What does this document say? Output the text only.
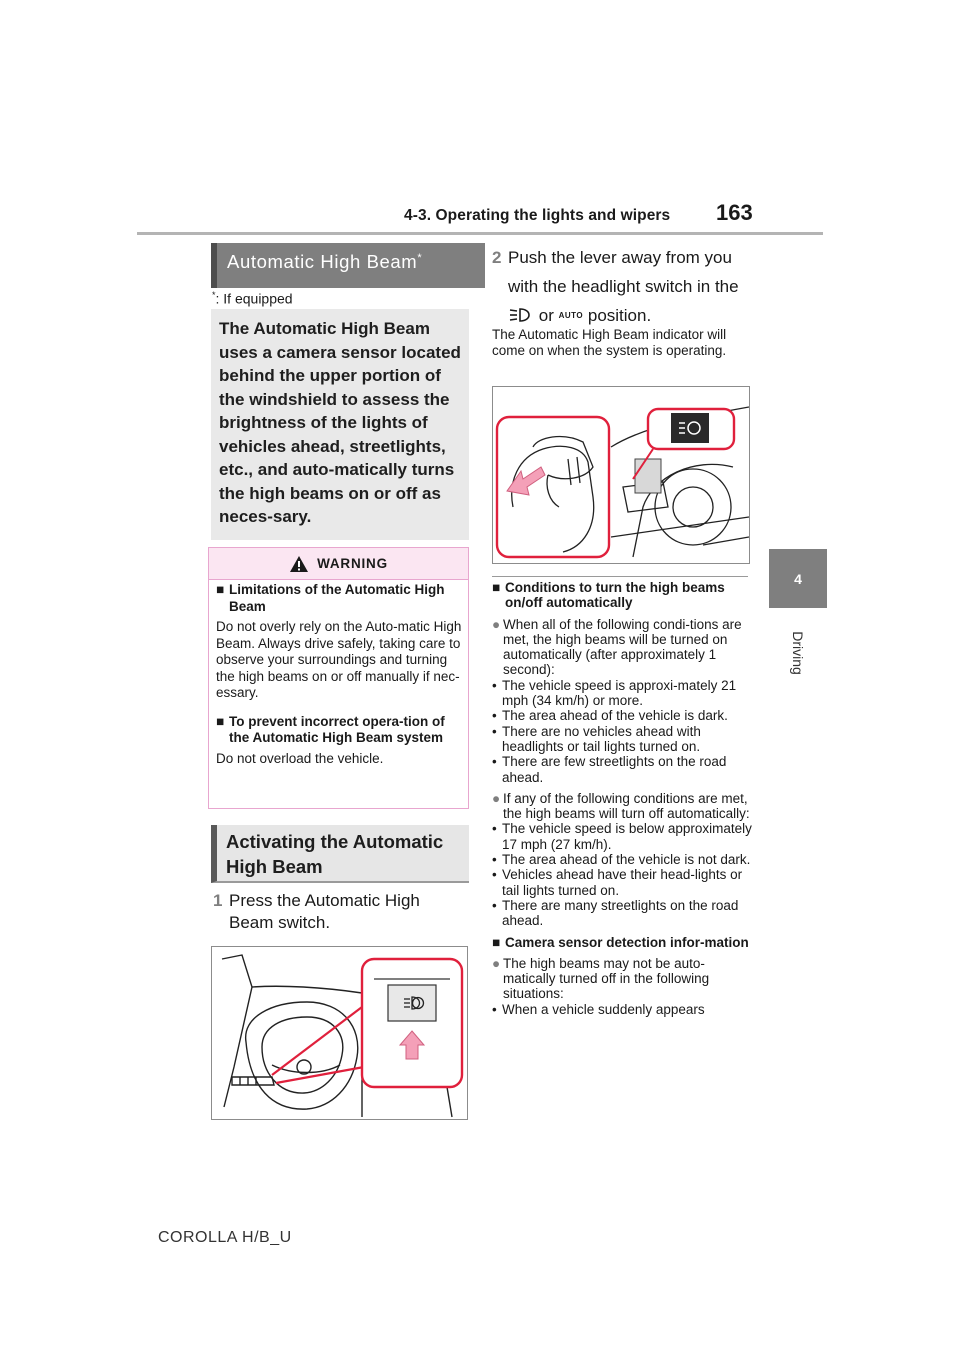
4-3. Operating the lights and wipers	163
4
Driving
Automatic High Beam*
*: If equipped
The Automatic High Beam uses a camera sensor located behind the upper portion of the windshield to assess the brightness of the lights of vehicles ahead, streetlights, etc., and auto-matically turns the high beams on or off as neces-sary.
WARNING
■ Limitations of the Automatic High Beam

Do not overly rely on the Auto-matic High Beam. Always drive safely, taking care to observe your surroundings and turning the high beams on or off manually if nec-essary.

■ To prevent incorrect opera-tion of the Automatic High Beam system

Do not overload the vehicle.

Activating the Automatic High Beam
1 Press the Automatic High Beam switch.
2 Push the lever away from you with the headlight switch in the  or AUTO position.
The Automatic High Beam indicator will come on when the system is operating.
■ Conditions to turn the high beams on/off automatically
● When all of the following condi-tions are met, the high beams will be turned on automatically (after approximately 1 second):
• The vehicle speed is approxi-mately 21 mph (34 km/h) or more.
• The area ahead of the vehicle is dark.
• There are no vehicles ahead with headlights or tail lights turned on.
• There are few streetlights on the road ahead.
● If any of the following conditions are met, the high beams will turn off automatically:
• The vehicle speed is below approximately 17 mph (27 km/h).
• The area ahead of the vehicle is not dark.
• Vehicles ahead have their head-lights or tail lights turned on.
• There are many streetlights on the road ahead.
■ Camera sensor detection infor-mation
● The high beams may not be auto-matically turned off in the following situations:
• When a vehicle suddenly appears
COROLLA H/B_U
